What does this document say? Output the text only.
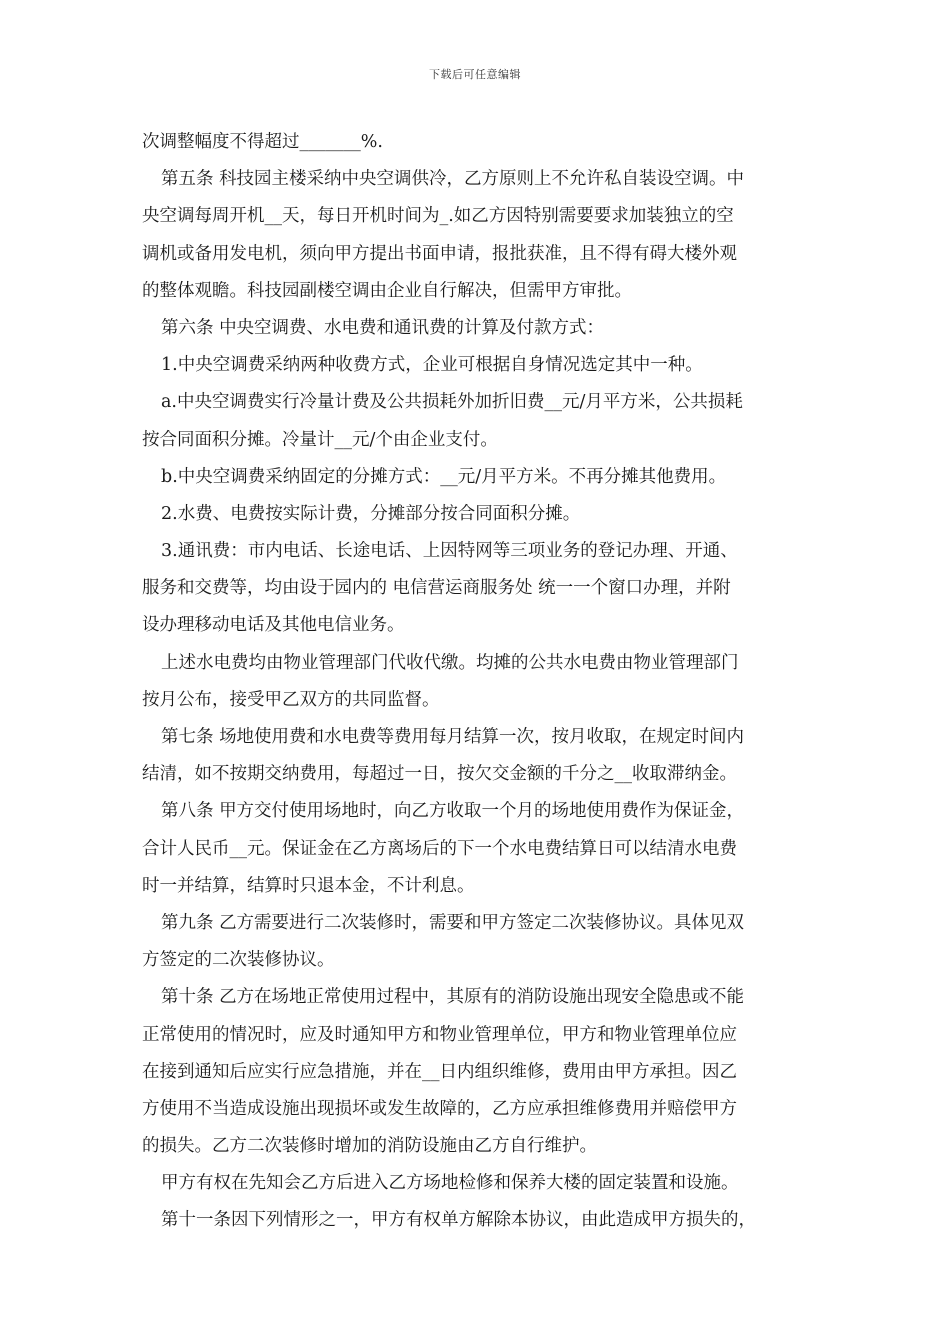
下载后可任意编辑
次调整幅度不得超过_______%.
第五条 科技园主楼采纳中央空调供冷，乙方原则上不允许私自装设空调。中
央空调每周开机__天，每日开机时间为_.如乙方因特别需要要求加装独立的空
调机或备用发电机，须向甲方提出书面申请，报批获准，且不得有碍大楼外观
的整体观瞻。科技园副楼空调由企业自行解决，但需甲方审批。
第六条 中央空调费、水电费和通讯费的计算及付款方式：
1.中央空调费采纳两种收费方式，企业可根据自身情况选定其中一种。
a.中央空调费实行冷量计费及公共损耗外加折旧费__元/月平方米，公共损耗
按合同面积分摊。冷量计__元/个由企业支付。
b.中央空调费采纳固定的分摊方式：__元/月平方米。不再分摊其他费用。
2.水费、电费按实际计费，分摊部分按合同面积分摊。
3.通讯费：市内电话、长途电话、上因特网等三项业务的登记办理、开通、
服务和交费等，均由设于园内的 电信营运商服务处 统一一个窗口办理，并附
设办理移动电话及其他电信业务。
上述水电费均由物业管理部门代收代缴。均摊的公共水电费由物业管理部门
按月公布，接受甲乙双方的共同监督。
第七条 场地使用费和水电费等费用每月结算一次，按月收取，在规定时间内
结清，如不按期交纳费用，每超过一日，按欠交金额的千分之__收取滞纳金。
第八条 甲方交付使用场地时，向乙方收取一个月的场地使用费作为保证金，
合计人民币__元。保证金在乙方离场后的下一个水电费结算日可以结清水电费
时一并结算，结算时只退本金，不计利息。
第九条 乙方需要进行二次装修时，需要和甲方签定二次装修协议。具体见双
方签定的二次装修协议。
第十条 乙方在场地正常使用过程中，其原有的消防设施出现安全隐患或不能
正常使用的情况时，应及时通知甲方和物业管理单位，甲方和物业管理单位应
在接到通知后应实行应急措施，并在__日内组织维修，费用由甲方承担。因乙
方使用不当造成设施出现损坏或发生故障的，乙方应承担维修费用并赔偿甲方
的损失。乙方二次装修时增加的消防设施由乙方自行维护。
甲方有权在先知会乙方后进入乙方场地检修和保养大楼的固定装置和设施。
第十一条因下列情形之一，甲方有权单方解除本协议，由此造成甲方损失的，
